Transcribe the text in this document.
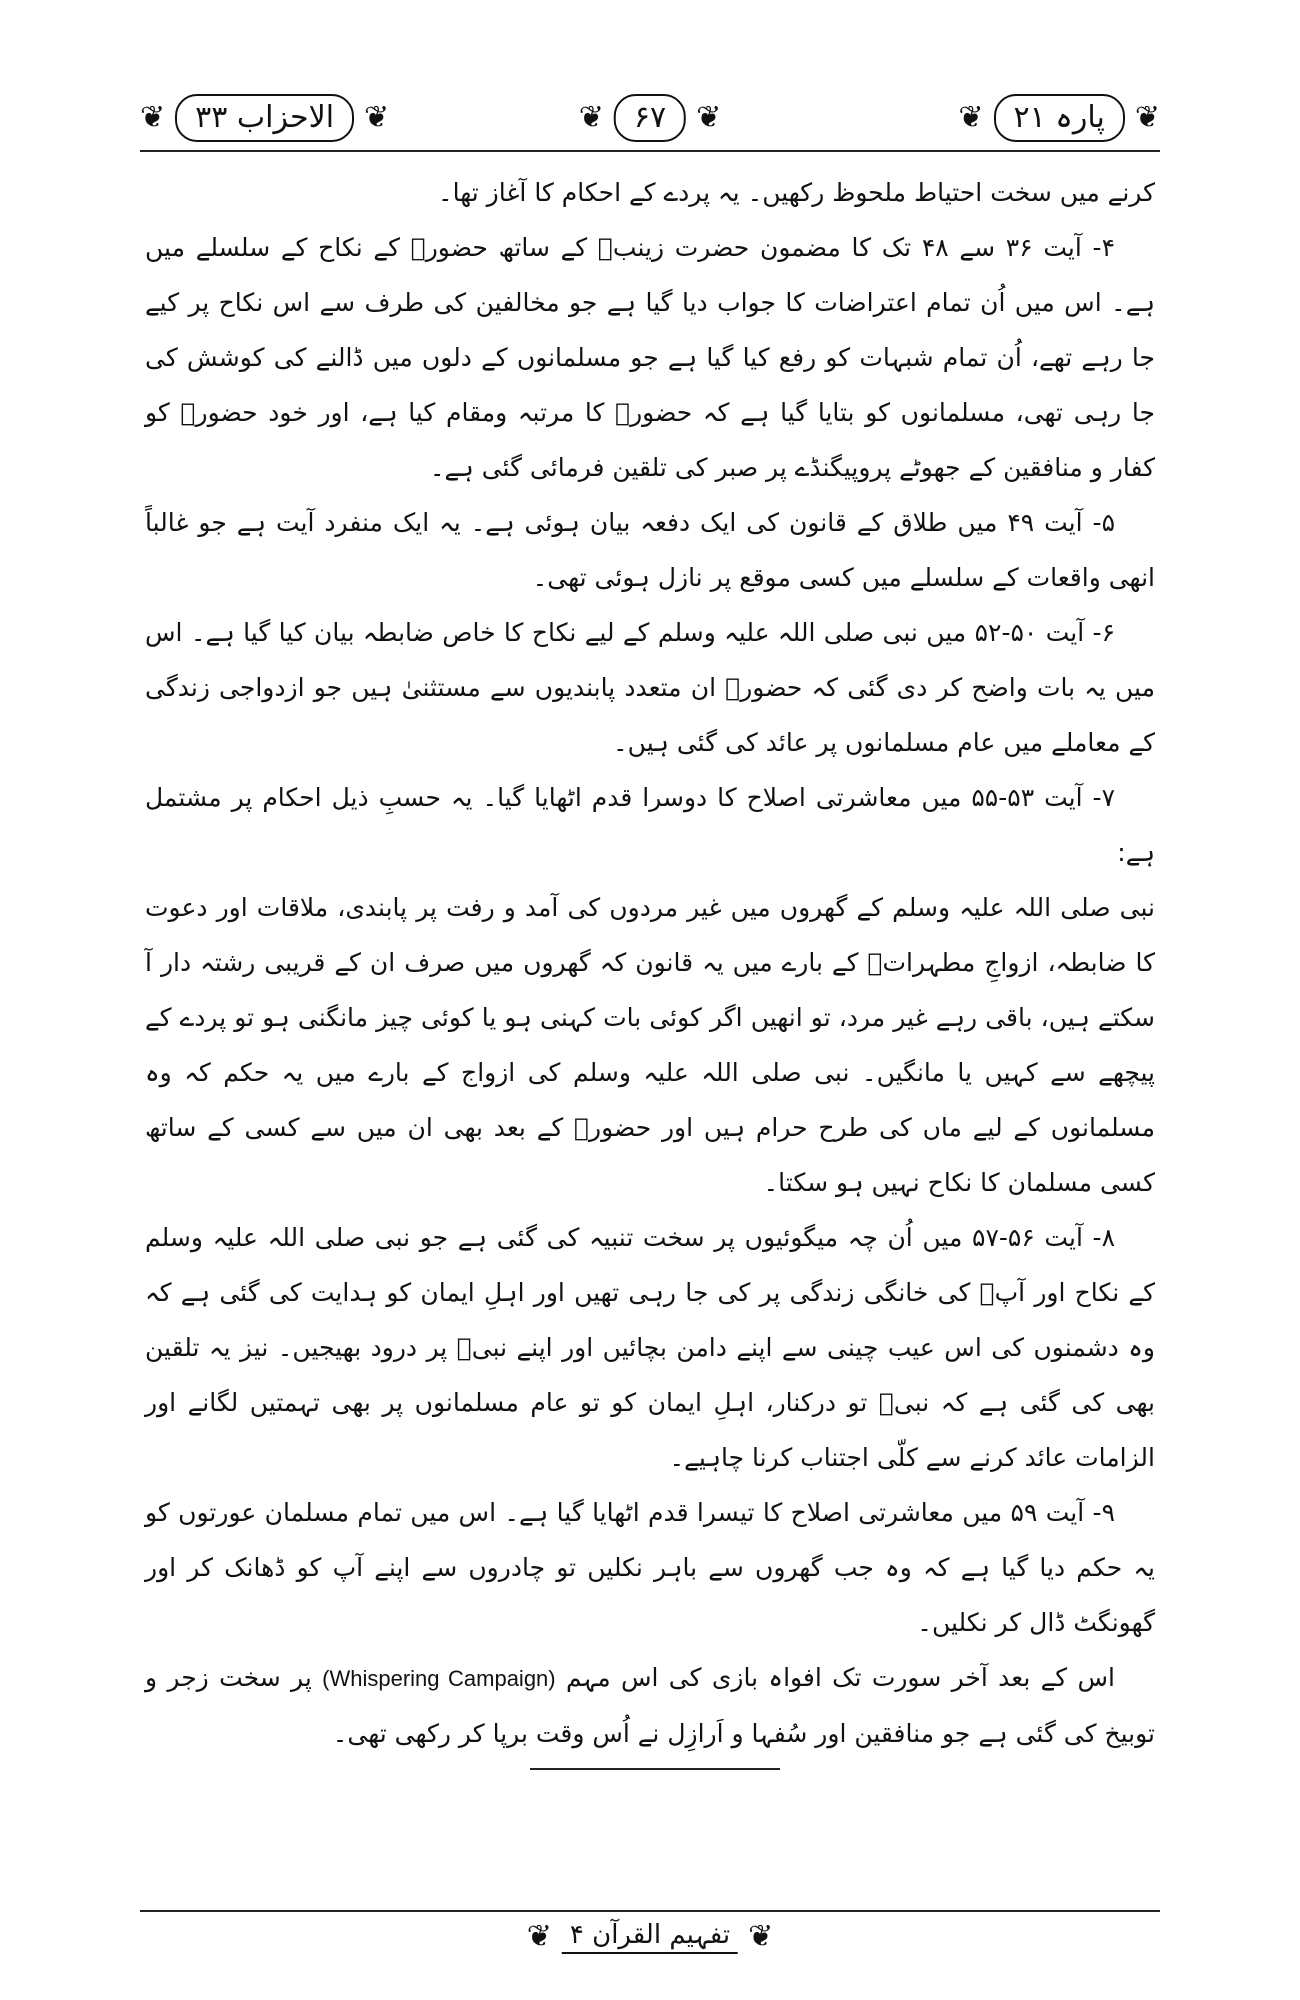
❦	پارہ ۲۱	❦
❦	۶۷	❦
❦	الاحزاب ۳۳	❦

کرنے میں سخت احتیاط ملحوظ رکھیں۔ یہ پردے کے احکام کا آغاز تھا۔

۴- آیت ۳۶ سے ۴۸ تک کا مضمون حضرت زینبؓ کے ساتھ حضورؐ کے نکاح کے سلسلے میں ہے۔ اس میں اُن تمام اعتراضات کا جواب دیا گیا ہے جو مخالفین کی طرف سے اس نکاح پر کیے جا رہے تھے، اُن تمام شبہات کو رفع کیا گیا ہے جو مسلمانوں کے دلوں میں ڈالنے کی کوشش کی جا رہی تھی، مسلمانوں کو بتایا گیا ہے کہ حضورؐ کا مرتبہ ومقام کیا ہے، اور خود حضورؐ کو کفار و منافقین کے جھوٹے پروپیگنڈے پر صبر کی تلقین فرمائی گئی ہے۔

۵- آیت ۴۹ میں طلاق کے قانون کی ایک دفعہ بیان ہوئی ہے۔ یہ ایک منفرد آیت ہے جو غالباً انھی واقعات کے سلسلے میں کسی موقع پر نازل ہوئی تھی۔

۶- آیت ۵۰-۵۲ میں نبی صلی اللہ علیہ وسلم کے لیے نکاح کا خاص ضابطہ بیان کیا گیا ہے۔ اس میں یہ بات واضح کر دی گئی کہ حضورؐ ان متعدد پابندیوں سے مستثنیٰ ہیں جو ازدواجی زندگی کے معاملے میں عام مسلمانوں پر عائد کی گئی ہیں۔

۷- آیت ۵۳-۵۵ میں معاشرتی اصلاح کا دوسرا قدم اٹھایا گیا۔ یہ حسبِ ذیل احکام پر مشتمل ہے:

نبی صلی اللہ علیہ وسلم کے گھروں میں غیر مردوں کی آمد و رفت پر پابندی، ملاقات اور دعوت کا ضابطہ، ازواجِ مطہراتؓ کے بارے میں یہ قانون کہ گھروں میں صرف ان کے قریبی رشتہ دار آ سکتے ہیں، باقی رہے غیر مرد، تو انھیں اگر کوئی بات کہنی ہو یا کوئی چیز مانگنی ہو تو پردے کے پیچھے سے کہیں یا مانگیں۔ نبی صلی اللہ علیہ وسلم کی ازواج کے بارے میں یہ حکم کہ وہ مسلمانوں کے لیے ماں کی طرح حرام ہیں اور حضورؐ کے بعد بھی ان میں سے کسی کے ساتھ کسی مسلمان کا نکاح نہیں ہو سکتا۔

۸- آیت ۵۶-۵۷ میں اُن چہ میگوئیوں پر سخت تنبیہ کی گئی ہے جو نبی صلی اللہ علیہ وسلم کے نکاح اور آپؐ کی خانگی زندگی پر کی جا رہی تھیں اور اہلِ ایمان کو ہدایت کی گئی ہے کہ وہ دشمنوں کی اس عیب چینی سے اپنے دامن بچائیں اور اپنے نبیؐ پر درود بھیجیں۔ نیز یہ تلقین بھی کی گئی ہے کہ نبیؐ تو درکنار، اہلِ ایمان کو تو عام مسلمانوں پر بھی تہمتیں لگانے اور الزامات عائد کرنے سے کلّی اجتناب کرنا چاہیے۔

۹- آیت ۵۹ میں معاشرتی اصلاح کا تیسرا قدم اٹھایا گیا ہے۔ اس میں تمام مسلمان عورتوں کو یہ حکم دیا گیا ہے کہ وہ جب گھروں سے باہر نکلیں تو چادروں سے اپنے آپ کو ڈھانک کر اور گھونگٹ ڈال کر نکلیں۔

اس کے بعد آخر سورت تک افواہ بازی کی اس مہم (Whispering Campaign) پر سخت زجر و توبیخ کی گئی ہے جو منافقین اور سُفہا و اَرازِل نے اُس وقت برپا کر رکھی تھی۔

❦ تفہیم القرآن ۴ ❦
